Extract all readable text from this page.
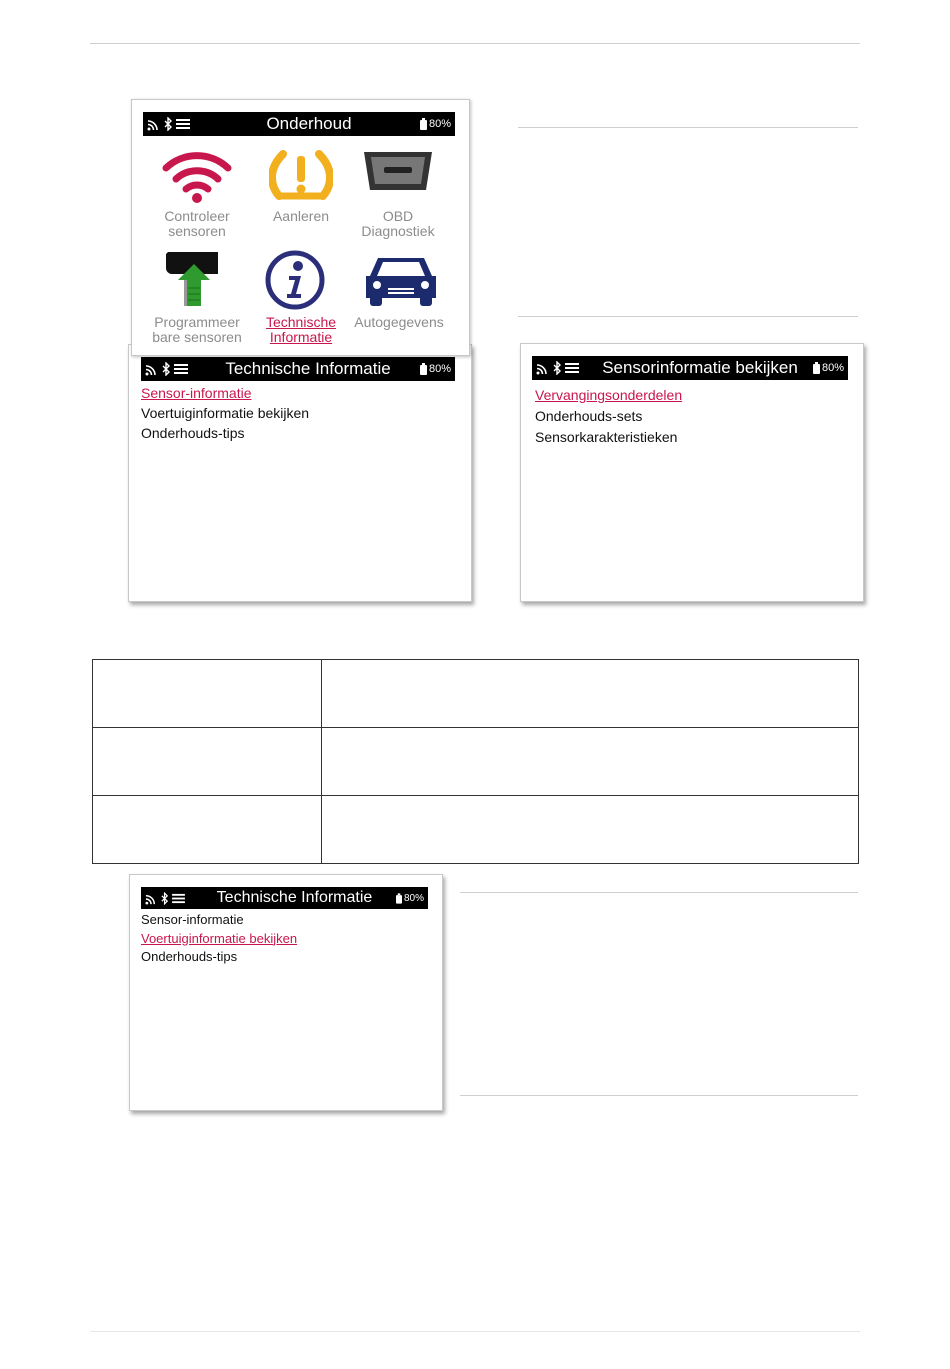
Technische Informatie	80%
Sensor-informatie
Voertuiginformatie bekijken
Onderhouds-tips
Onderhoud	80%
Controleer
sensoren
Aanleren	OBD
Diagnostiek
Programmeer
bare sensoren
Technische
Informatie
Autogegevens
Sensorinformatie bekijken	80%
Vervangingsonderdelen
Onderhouds-sets
Sensorkarakteristieken

Technische Informatie	80%
Sensor-informatie
Voertuiginformatie bekijken
Onderhouds-tips
